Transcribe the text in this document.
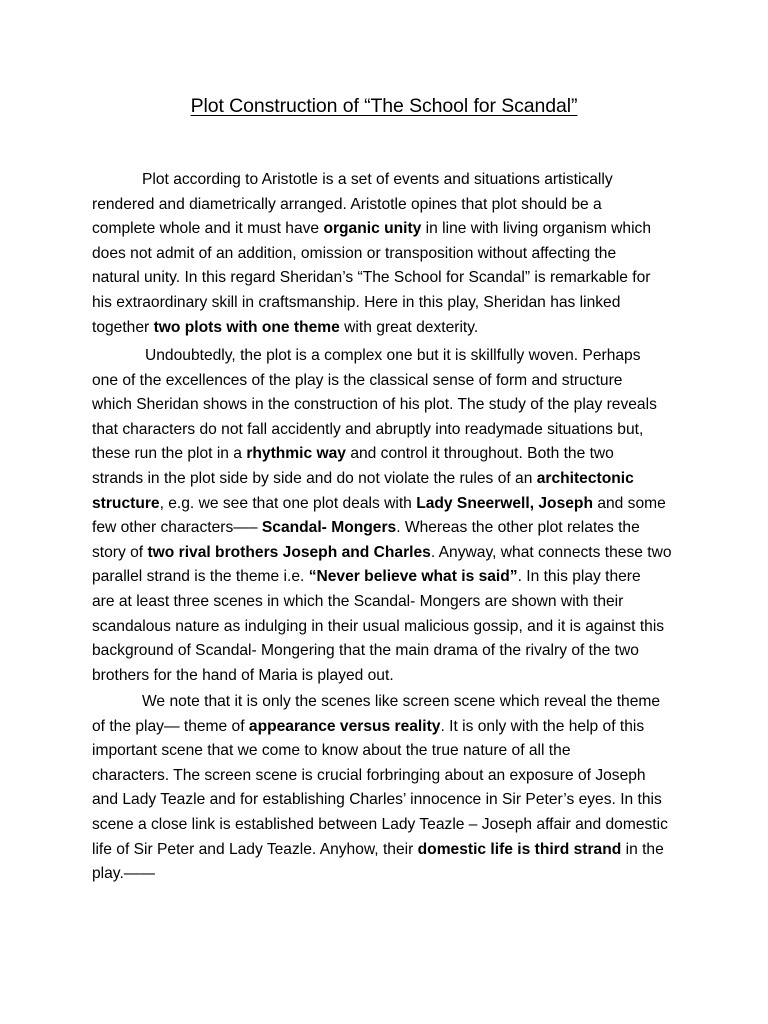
Plot Construction of “The School for Scandal”
Plot according to Aristotle is a set of events and situations artistically
rendered and diametrically arranged. Aristotle opines that plot should be a
complete whole and it must have organic unity in line with living organism which
does not admit of an addition, omission or transposition without affecting the
natural unity. In this regard Sheridan’s “The School for Scandal” is remarkable for
his extraordinary skill in craftsmanship. Here in this play, Sheridan has linked
together two plots with one theme with great dexterity.
Undoubtedly, the plot is a complex one but it is skillfully woven. Perhaps
one of the excellences of the play is the classical sense of form and structure
which Sheridan shows in the construction of his plot. The study of the play reveals
that characters do not fall accidently and abruptly into readymade situations but,
these run the plot in a rhythmic way and control it throughout. Both the two
strands in the plot side by side and do not violate the rules of an architectonic
structure, e.g. we see that one plot deals with Lady Sneerwell, Joseph and some
few other characters—– Scandal- Mongers. Whereas the other plot relates the
story of two rival brothers Joseph and Charles. Anyway, what connects these two
parallel strand is the theme i.e. “Never believe what is said”. In this play there
are at least three scenes in which the Scandal- Mongers are shown with their
scandalous nature as indulging in their usual malicious gossip, and it is against this
background of Scandal- Mongering that the main drama of the rivalry of the two
brothers for the hand of Maria is played out.
We note that it is only the scenes like screen scene which reveal the theme
of the play— theme of appearance versus reality. It is only with the help of this
important scene that we come to know about the true nature of all the
characters. The screen scene is crucial forbringing about an exposure of Joseph
and Lady Teazle and for establishing Charles’ innocence in Sir Peter’s eyes. In this
scene a close link is established between Lady Teazle – Joseph affair and domestic
life of Sir Peter and Lady Teazle. Anyhow, their domestic life is third strand in the
play.——
